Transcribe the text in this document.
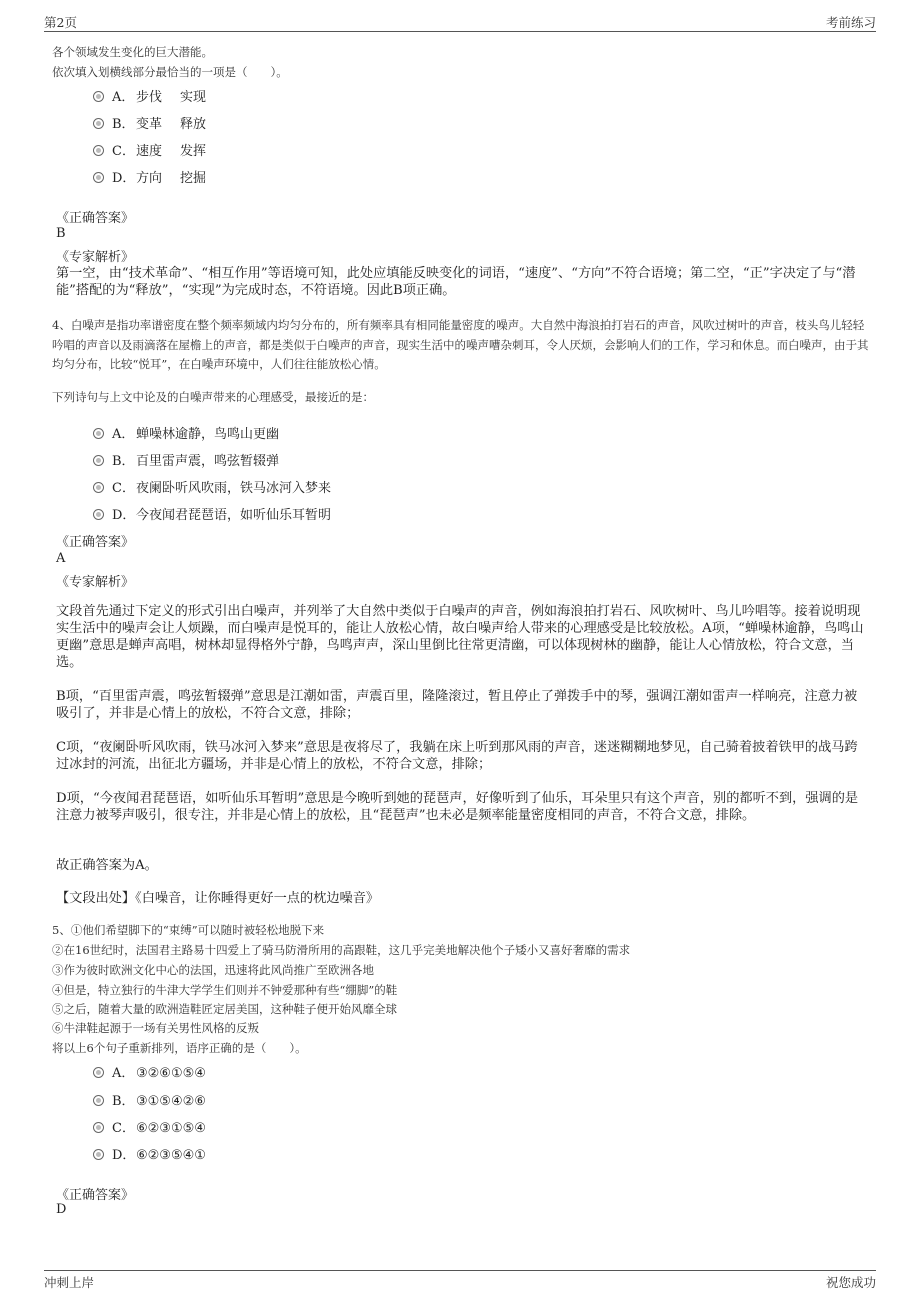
第2页	考前练习
各个领域发生变化的巨大潜能。
依次填入划横线部分最恰当的一项是（　　）。
A． 步伐 实现
B．变革 释放
C．速度 发挥
D．方向 挖掘
《正确答案》
B
《专家解析》
第一空，由“技术革命”、“相互作用”等语境可知，此处应填能反映变化的词语，“速度”、“方向”不符合语境；第二空，“正”字决定了与“潜能”搭配的为“释放”，“实现”为完成时态，不符语境。因此B项正确。
4、白噪声是指功率谱密度在整个频率频域内均匀分布的，所有频率具有相同能量密度的噪声。大自然中海浪拍打岩石的声音，风吹过树叶的声音，枝头鸟儿轻轻吟唱的声音以及雨滴落在屋檐上的声音，都是类似于白噪声的声音，现实生活中的噪声嘈杂刺耳，令人厌烦，会影响人们的工作，学习和休息。而白噪声，由于其均匀分布，比较“悦耳”，在白噪声环境中，人们往往能放松心情。
下列诗句与上文中论及的白噪声带来的心理感受，最接近的是：
A． 蝉噪林逾静，鸟鸣山更幽
B．百里雷声震，鸣弦暂辍弹
C．夜阑卧听风吹雨，铁马冰河入梦来
D．今夜闻君琵琶语，如听仙乐耳暂明
《正确答案》
A
《专家解析》
文段首先通过下定义的形式引出白噪声，并列举了大自然中类似于白噪声的声音，例如海浪拍打岩石、风吹树叶、鸟儿吟唱等。接着说明现实生活中的噪声会让人烦躁，而白噪声是悦耳的，能让人放松心情，故白噪声给人带来的心理感受是比较放松。A项，“蝉噪林逾静，鸟鸣山更幽”意思是蝉声高唱，树林却显得格外宁静，鸟鸣声声，深山里倒比往常更清幽，可以体现树林的幽静，能让人心情放松，符合文意，当选。
B项，“百里雷声震，鸣弦暂辍弹”意思是江潮如雷，声震百里，隆隆滚过，暂且停止了弹拨手中的琴，强调江潮如雷声一样响亮，注意力被吸引了，并非是心情上的放松，不符合文意，排除；
C项，“夜阑卧听风吹雨，铁马冰河入梦来”意思是夜将尽了，我躺在床上听到那风雨的声音，迷迷糊糊地梦见，自己骑着披着铁甲的战马跨过冰封的河流，出征北方疆场，并非是心情上的放松，不符合文意，排除；
D项，“今夜闻君琵琶语，如听仙乐耳暂明”意思是今晚听到她的琵琶声，好像听到了仙乐，耳朵里只有这个声音，别的都听不到，强调的是注意力被琴声吸引，很专注，并非是心情上的放松，且“琵琶声”也未必是频率能量密度相同的声音，不符合文意，排除。
故正确答案为A。
【文段出处】《白噪音，让你睡得更好一点的枕边噪音》
5、①他们希望脚下的“束缚”可以随时被轻松地脱下来
②在16世纪时，法国君主路易十四爱上了骑马防滑所用的高跟鞋，这几乎完美地解决他个子矮小又喜好奢靡的需求
③作为彼时欧洲文化中心的法国，迅速将此风尚推广至欧洲各地
④但是，特立独行的牛津大学学生们则并不钟爱那种有些“绷脚”的鞋
⑤之后，随着大量的欧洲造鞋匠定居美国，这种鞋子便开始风靡全球
⑥牛津鞋起源于一场有关男性风格的反叛
将以上6个句子重新排列，语序正确的是（　　）。
A． ③②⑥①⑤④
B．③①⑤④②⑥
C．⑥②③①⑤④
D．⑥②③⑤④①
《正确答案》
D
冲刺上岸	祝您成功
